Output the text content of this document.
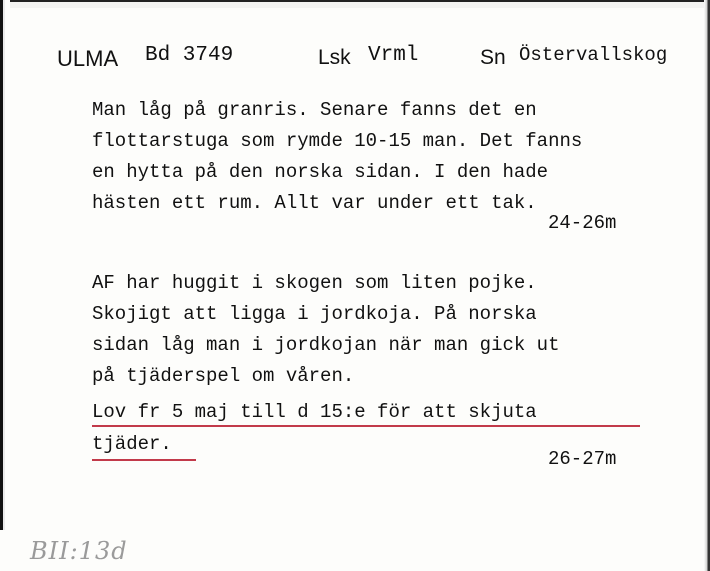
ULMA Bd 3749	Lsk Vrml	Sn Östervallskog
Man låg på granris. Senare fanns det en
flottarstuga som rymde 10-15 man. Det fanns
en hytta på den norska sidan. I den hade
hästen ett rum. Allt var under ett tak.
24-26m
AF har huggit i skogen som liten pojke.
Skojigt att ligga i jordkoja. På norska
sidan låg man i jordkojan när man gick ut
på tjäderspel om våren.
Lov fr 5 maj till d 15:e för att skjuta
tjäder.
26-27m
BII:13d
